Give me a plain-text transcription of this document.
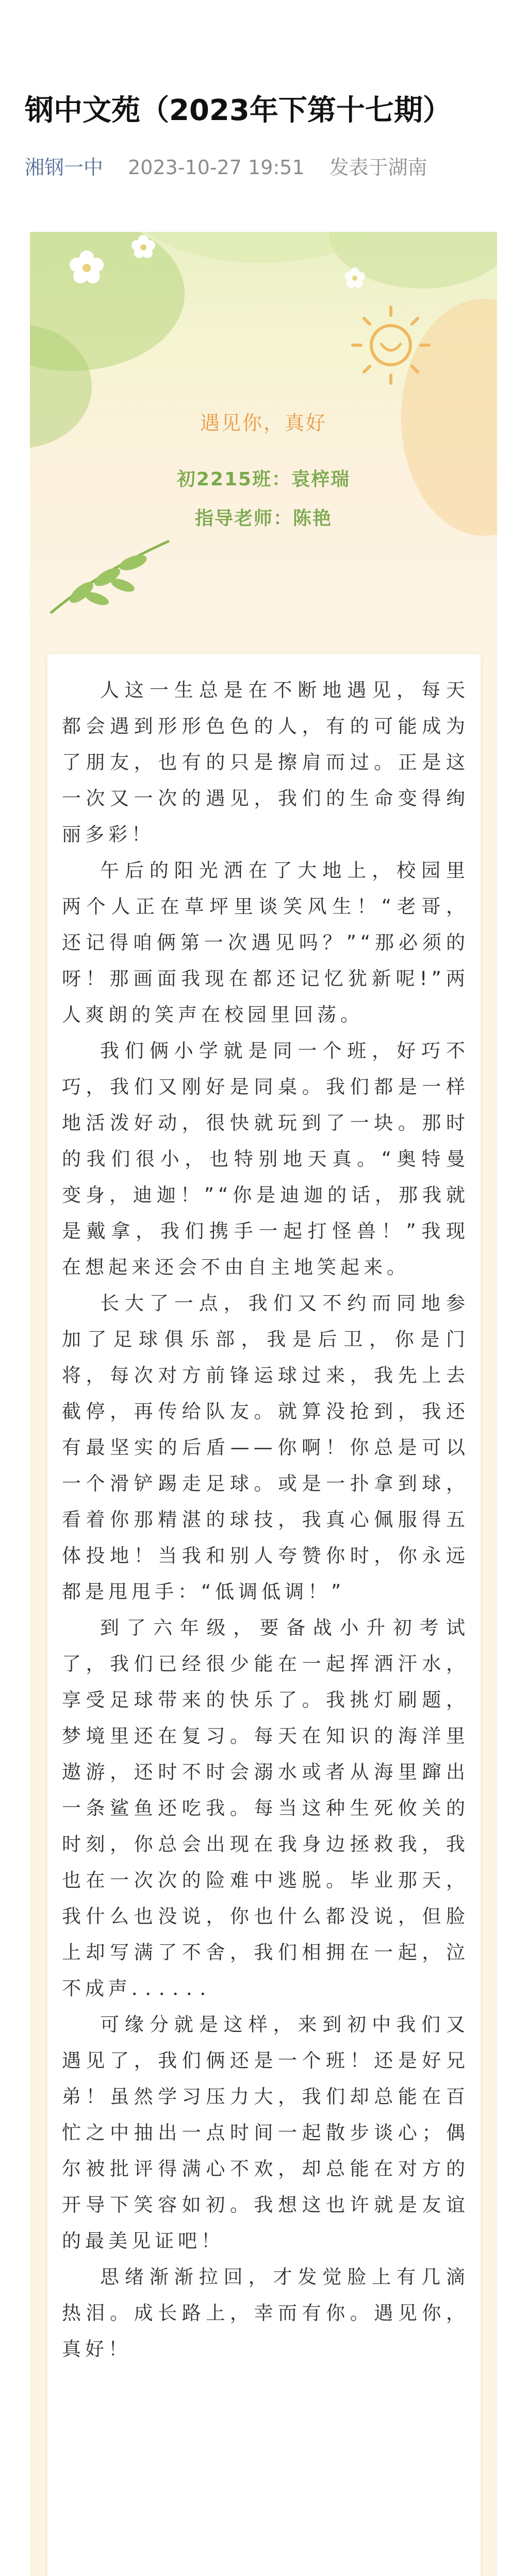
钢中文苑（2023年下第十七期）
湘钢一中 2023-10-27 19:51 发表于湖南
遇见你，真好
初2215班：袁梓瑞
指导老师：陈艳

人这一生总是在不断地遇见，每天都会遇到形形色色的人，有的可能成为了朋友，也有的只是擦肩而过。正是这一次又一次的遇见，我们的生命变得绚丽多彩！

午后的阳光洒在了大地上，校园里两个人正在草坪里谈笑风生！“老哥，还记得咱俩第一次遇见吗？”“那必须的呀！那画面我现在都还记忆犹新呢!”两人爽朗的笑声在校园里回荡。

我们俩小学就是同一个班，好巧不巧，我们又刚好是同桌。我们都是一样地活泼好动，很快就玩到了一块。那时的我们很小，也特别地天真。“奥特曼变身，迪迦！”“你是迪迦的话，那我就是戴拿，我们携手一起打怪兽！”我现在想起来还会不由自主地笑起来。

长大了一点，我们又不约而同地参加了足球俱乐部，我是后卫，你是门将，每次对方前锋运球过来，我先上去截停，再传给队友。就算没抢到，我还有最坚实的后盾——你啊！你总是可以一个滑铲踢走足球。或是一扑拿到球，看着你那精湛的球技，我真心佩服得五体投地！当我和别人夸赞你时，你永远都是甩甩手：“低调低调！”

到了六年级，要备战小升初考试了，我们已经很少能在一起挥洒汗水，享受足球带来的快乐了。我挑灯刷题，梦境里还在复习。每天在知识的海洋里遨游，还时不时会溺水或者从海里蹿出一条鲨鱼还吃我。每当这种生死攸关的时刻，你总会出现在我身边拯救我，我也在一次次的险难中逃脱。毕业那天，我什么也没说，你也什么都没说，但脸上却写满了不舍，我们相拥在一起，泣不成声．．．．．．

可缘分就是这样，来到初中我们又遇见了，我们俩还是一个班！还是好兄弟！虽然学习压力大，我们却总能在百忙之中抽出一点时间一起散步谈心；偶尔被批评得满心不欢，却总能在对方的开导下笑容如初。我想这也许就是友谊的最美见证吧！

思绪渐渐拉回，才发觉脸上有几滴热泪。成长路上，幸而有你。遇见你，真好！
